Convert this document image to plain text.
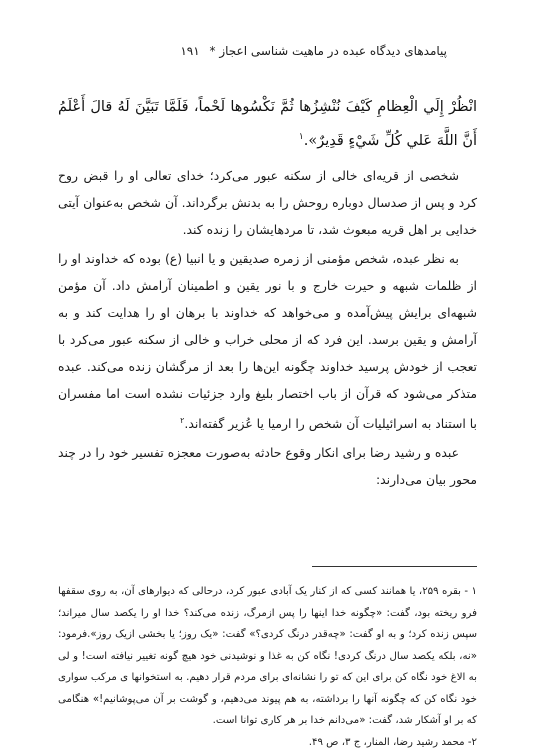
پیامدهای دیدگاه عبده در ماهیت شناسی اعجاز * ۱۹۱
انْظُرْ إِلَي الْعِظامِ کَیْفَ نُنْشِزُها ثُمَّ نَکْسُوها لَحْماً، فَلَمَّا تَبَیَّنَ لَهُ قالَ أَعْلَمُ أَنَّ اللَّهَ عَلي كُلِّ شَيْءٍ قَدِیرٌ».$^۱$

شخصی از قریه‌ای خالی از سکنه عبور می‌کرد؛ خدای تعالی او را قبض روح کرد و پس از صدسال دوباره روحش را به بدنش برگرداند. آن شخص به‌عنوان آیتی خدایی بر اهل قریه مبعوث شد، تا مردهایشان را زنده کند.

به نظر عبده، شخص مؤمنی از زمره صدیقین و یا انبیا (ع) بوده که خداوند او را از ظلمات شبهه و حیرت خارج و با نور یقین و اطمینان آرامش داد. آن مؤمن شبهه‌ای برایش پیش‌آمده و می‌خواهد که خداوند با برهان او را هدایت کند و به آرامش و یقین برسد. این فرد که از محلی خراب و خالی از سکنه عبور می‌کرد با تعجب از خودش پرسید خداوند چگونه این‌ها را بعد از مرگشان زنده می‌کند. عبده متذکر می‌شود که قرآن از باب اختصار بلیغ وارد جزئیات نشده است اما مفسران با استناد به اسرائیلیات آن شخص را ارمیا یا عُزیر گفته‌اند.$^۲$

عبده و رشید رضا برای انکار وقوع حادثه به‌صورت معجزه تفسیر خود را در چند محور بیان می‌دارند:

۱ - بقره ۲۵۹، یا همانند کسی که از کنار یک آبادی عبور کرد، درحالی که دیوارهای آن، به روی سقفها فرو ریخته بود، گفت: «چگونه خدا اینها را پس ازمرگ، زنده می‌کند؟ خدا او را یکصد سال میراند؛ سپس زنده کرد؛ و به او گفت: «چه‌قدر درنگ کردی؟» گفت: «یک روز؛ یا بخشی ازیک روز».فرمود: «نه، بلکه یکصد سال درنگ کردی! نگاه کن به غذا و نوشیدنی خود هیچ گونه تغییر نیافته است! و لی به الاغ خود نگاه کن برای این که تو را نشانه‌ای برای مردم قرار دهیم. به استخوانها ی مرکب سواری خود نگاه کن که چگونه آنها را برداشته، به هم پیوند می‌دهیم، و گوشت بر آن می‌پوشانیم!» هنگامی که بر او آشکار شد، گفت: «می‌دانم خدا بر هر کاری توانا است.

۲- محمد رشید رضا، المنار، ج ۳، ص ۴۹.
